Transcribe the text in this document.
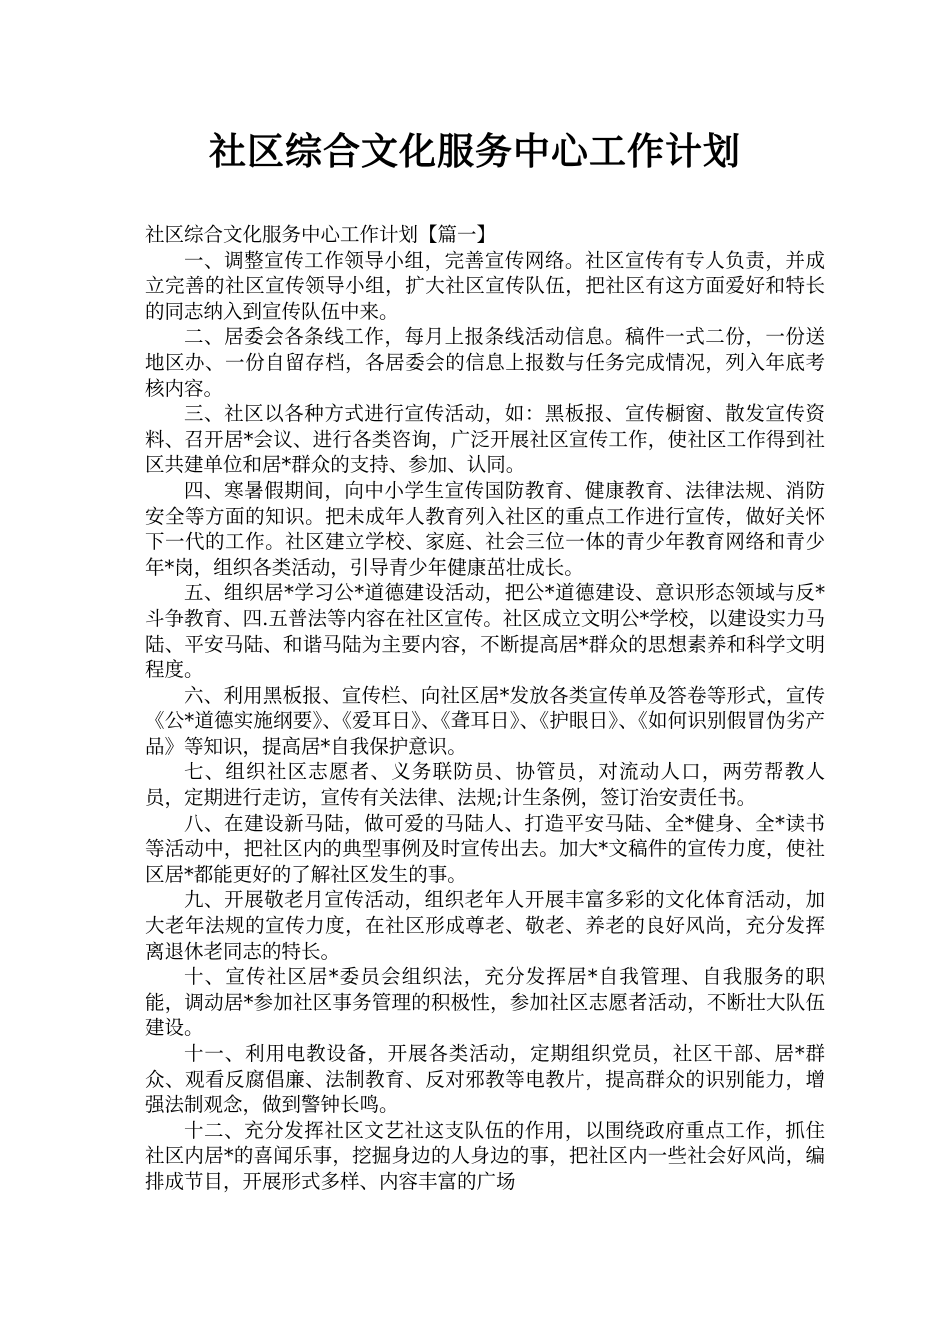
社区综合文化服务中心工作计划

社区综合文化服务中心工作计划【篇一】

一、调整宣传工作领导小组，完善宣传网络。社区宣传有专人负责，并成立完善的社区宣传领导小组，扩大社区宣传队伍，把社区有这方面爱好和特长的同志纳入到宣传队伍中来。

二、居委会各条线工作，每月上报条线活动信息。稿件一式二份，一份送地区办、一份自留存档，各居委会的信息上报数与任务完成情况，列入年底考核内容。

三、社区以各种方式进行宣传活动，如：黑板报、宣传橱窗、散发宣传资料、召开居*会议、进行各类咨询，广泛开展社区宣传工作，使社区工作得到社区共建单位和居*群众的支持、参加、认同。

四、寒暑假期间，向中小学生宣传国防教育、健康教育、法律法规、消防安全等方面的知识。把未成年人教育列入社区的重点工作进行宣传，做好关怀下一代的工作。社区建立学校、家庭、社会三位一体的青少年教育网络和青少年*岗，组织各类活动，引导青少年健康茁壮成长。

五、组织居*学习公*道德建设活动，把公*道德建设、意识形态领域与反*斗争教育、四.五普法等内容在社区宣传。社区成立文明公*学校，以建设实力马陆、平安马陆、和谐马陆为主要内容，不断提高居*群众的思想素养和科学文明程度。

六、利用黑板报、宣传栏、向社区居*发放各类宣传单及答卷等形式，宣传《公*道德实施纲要》、《爱耳日》、《聋耳日》、《护眼日》、《如何识别假冒伪劣产品》等知识，提高居*自我保护意识。

七、组织社区志愿者、义务联防员、协管员，对流动人口，两劳帮教人员，定期进行走访，宣传有关法律、法规;计生条例，签订治安责任书。

八、在建设新马陆，做可爱的马陆人、打造平安马陆、全*健身、全*读书等活动中，把社区内的典型事例及时宣传出去。加大*文稿件的宣传力度，使社区居*都能更好的了解社区发生的事。

九、开展敬老月宣传活动，组织老年人开展丰富多彩的文化体育活动，加大老年法规的宣传力度，在社区形成尊老、敬老、养老的良好风尚，充分发挥离退休老同志的特长。

十、宣传社区居*委员会组织法，充分发挥居*自我管理、自我服务的职能，调动居*参加社区事务管理的积极性，参加社区志愿者活动，不断壮大队伍建设。

十一、利用电教设备，开展各类活动，定期组织党员，社区干部、居*群众、观看反腐倡廉、法制教育、反对邪教等电教片，提高群众的识别能力，增强法制观念，做到警钟长鸣。

十二、充分发挥社区文艺社这支队伍的作用，以围绕政府重点工作，抓住社区内居*的喜闻乐事，挖掘身边的人身边的事，把社区内一些社会好风尚，编排成节目，开展形式多样、内容丰富的广场
